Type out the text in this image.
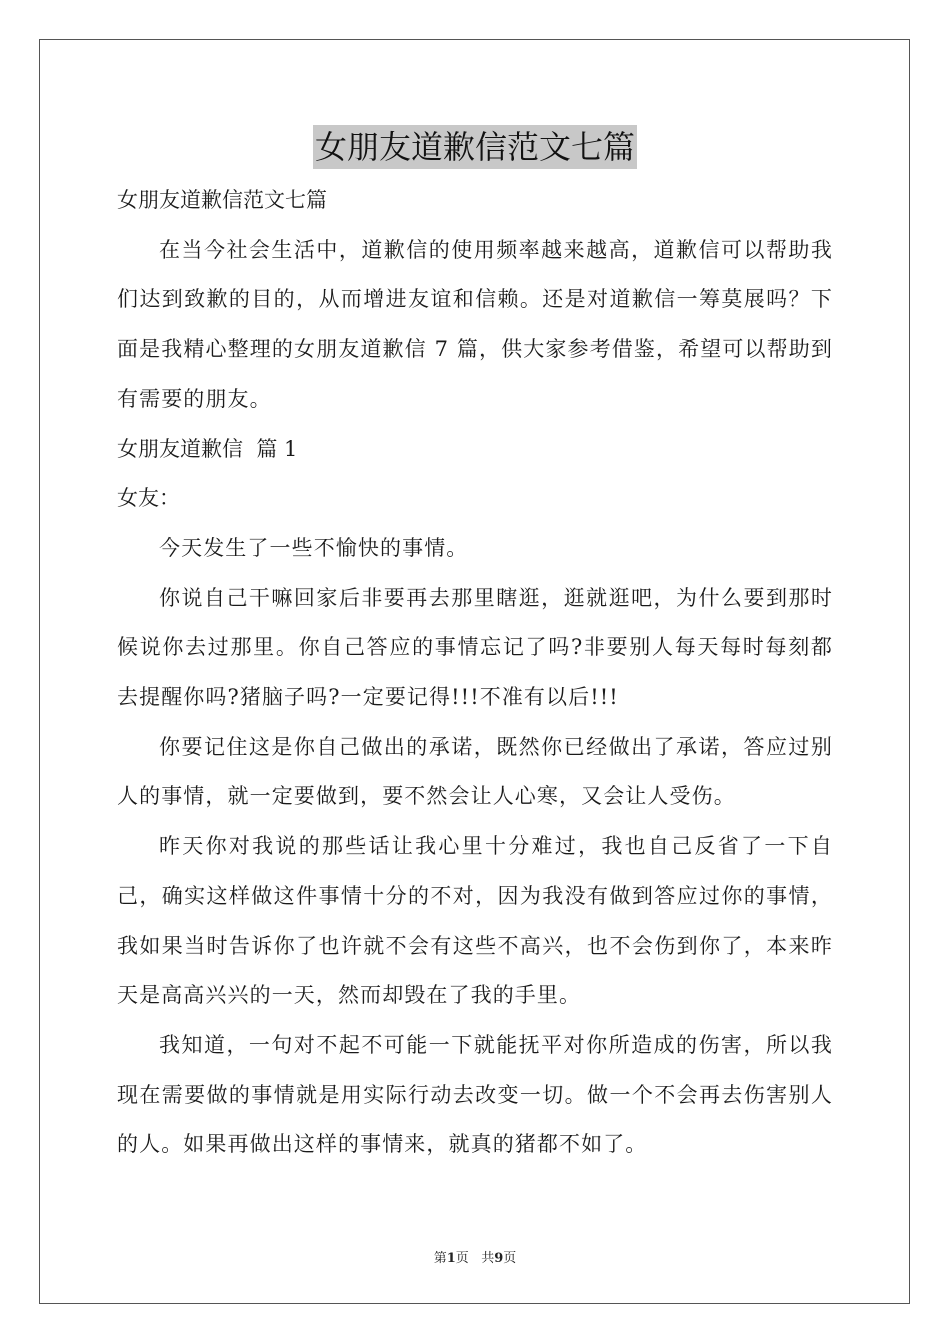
女朋友道歉信范文七篇

女朋友道歉信范文七篇

在当今社会生活中，道歉信的使用频率越来越高，道歉信可以帮助我们达到致歉的目的，从而增进友谊和信赖。还是对道歉信一筹莫展吗？下面是我精心整理的女朋友道歉信 7 篇，供大家参考借鉴，希望可以帮助到有需要的朋友。

女朋友道歉信  篇 1

女友：

今天发生了一些不愉快的事情。

你说自己干嘛回家后非要再去那里瞎逛，逛就逛吧，为什么要到那时候说你去过那里。你自己答应的事情忘记了吗?非要别人每天每时每刻都去提醒你吗?猪脑子吗?一定要记得!!!不准有以后!!!

你要记住这是你自己做出的承诺，既然你已经做出了承诺，答应过别人的事情，就一定要做到，要不然会让人心寒，又会让人受伤。

昨天你对我说的那些话让我心里十分难过，我也自己反省了一下自己，确实这样做这件事情十分的不对，因为我没有做到答应过你的事情，我如果当时告诉你了也许就不会有这些不高兴，也不会伤到你了，本来昨天是高高兴兴的一天，然而却毁在了我的手里。

我知道，一句对不起不可能一下就能抚平对你所造成的伤害，所以我现在需要做的事情就是用实际行动去改变一切。做一个不会再去伤害别人的人。如果再做出这样的事情来，就真的猪都不如了。

第1页 共9页
